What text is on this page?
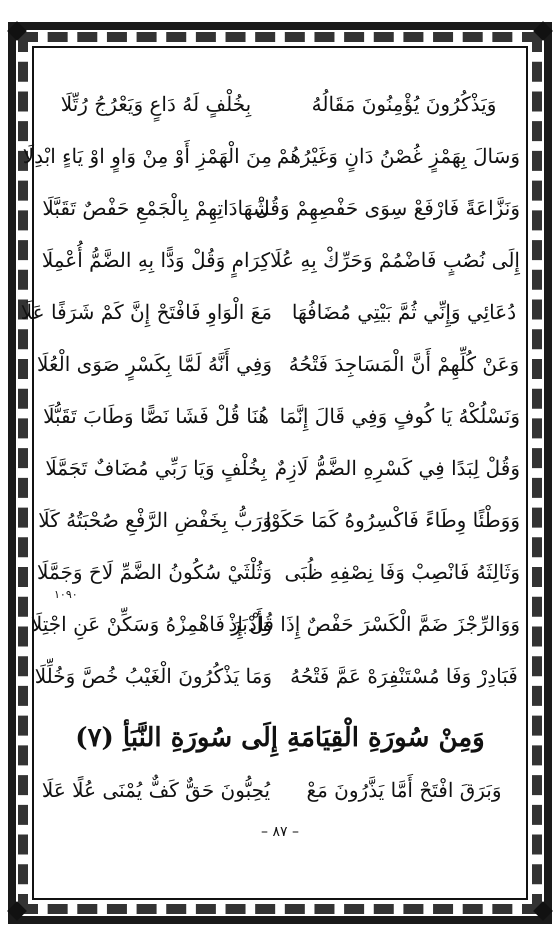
وَيَذْكُرُونَ يُؤْمِنُونَ مَقَالُهُ
بِخُلْفٍ لَهُ دَاعٍ وَيَعْرُجُ رُتِّلَا
وَسَالَ بِهَمْزٍ غُصْنُ دَانٍ وَغَيْرُهُمْ
مِنَ الْهَمْزِ أَوْ مِنْ وَاوٍ اوْ يَاءٍ ابْدِلَا
وَنَزَّاعَةً فَارْفَعْ سِوَى حَفْصِهِمْ وَقُلْ
شَهَادَاتِهِمْ بِالْجَمْعِ حَفْصٌ تَقَبَّلَا
إِلَى نُصُبٍ فَاضْمُمْ وَحَرِّكْ بِهِ عُلَا
كِرَامٍ وَقُلْ وَدًّا بِهِ الضَّمُّ أُعْمِلَا
دُعَائِي وَإِنِّي ثُمَّ بَيْتِي مُضَافُهَا
مَعَ الْوَاوِ فَافْتَحْ إِنَّ كَمْ شَرَفًا عَلَا
وَعَنْ كُلِّهِمْ أَنَّ الْمَسَاجِدَ فَتْحُهُ
وَفِي أَنَّهُ لَمَّا بِكَسْرٍ صَوَى الْعُلَا
وَنَسْلُكْهُ يَا كُوفٍ وَفِي قَالَ إِنَّمَا
هُنَا قُلْ فَشَا نَصًّا وَطَابَ تَقَبُّلَا
وَقُلْ لِبَدًا فِي كَسْرِهِ الضَّمُّ لَازِمٌ
بِخُلْفٍ وَيَا رَبِّي مُضَافٌ تَجَمَّلَا
وَوَطْئًا وِطَاءً فَاكْسِرُوهُ كَمَا حَكَوْا
وَرَبُّ بِخَفْضِ الرَّفْعِ صُحْبَتُهُ كَلَا
وَثَالِثَهُ فَانْصِبْ وَفَا نِصْفِهِ ظُبَى
وَثُلْثَيْ سُكُونُ الضَّمِّ لَاحَ وَجَمَّلَا
١٠٩٠
وَوَالرِّجْزَ ضَمَّ الْكَسْرَ حَفْصٌ إِذَا قُلْ إِذْ
وَأَدْبَرَ فَاهْمِزْهُ وَسَكِّنْ عَنِ اجْتِلَا
فَبَادِرْ وَفَا مُسْتَنْفِرَهْ عَمَّ فَتْحُهُ
وَمَا يَذْكُرُونَ الْغَيْبُ خُصَّ وَخُلِّلَا
وَمِنْ سُورَةِ الْقِيَامَةِ إِلَى سُورَةِ النَّبَأِ (٧)
وَبَرَقَ افْتَحْ أَمَّا يَذَّرُونَ مَعْ
يُحِبُّونَ حَقٌّ كَفٌّ يُمْنَى عُلًا عَلَا
– ٨٧ –
